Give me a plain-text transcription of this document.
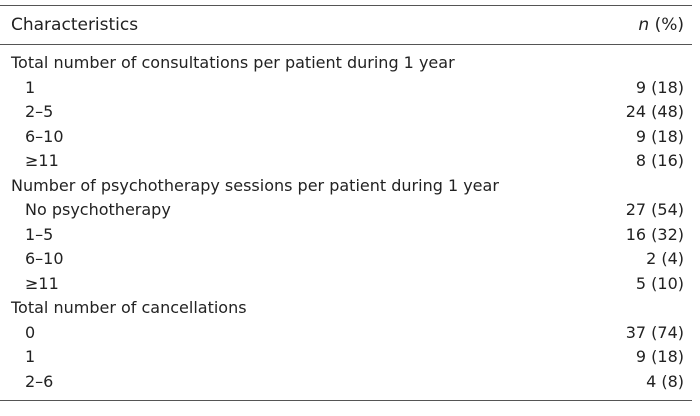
Characteristics	n (%)
Total number of consultations per patient during 1 year
1	9 (18)
2–5	24 (48)
6–10	9 (18)
≥11	8 (16)
Number of psychotherapy sessions per patient during 1 year
No psychotherapy	27 (54)
1–5	16 (32)
6–10	2 (4)
≥11	5 (10)
Total number of cancellations
0	37 (74)
1	9 (18)
2–6	4 (8)
